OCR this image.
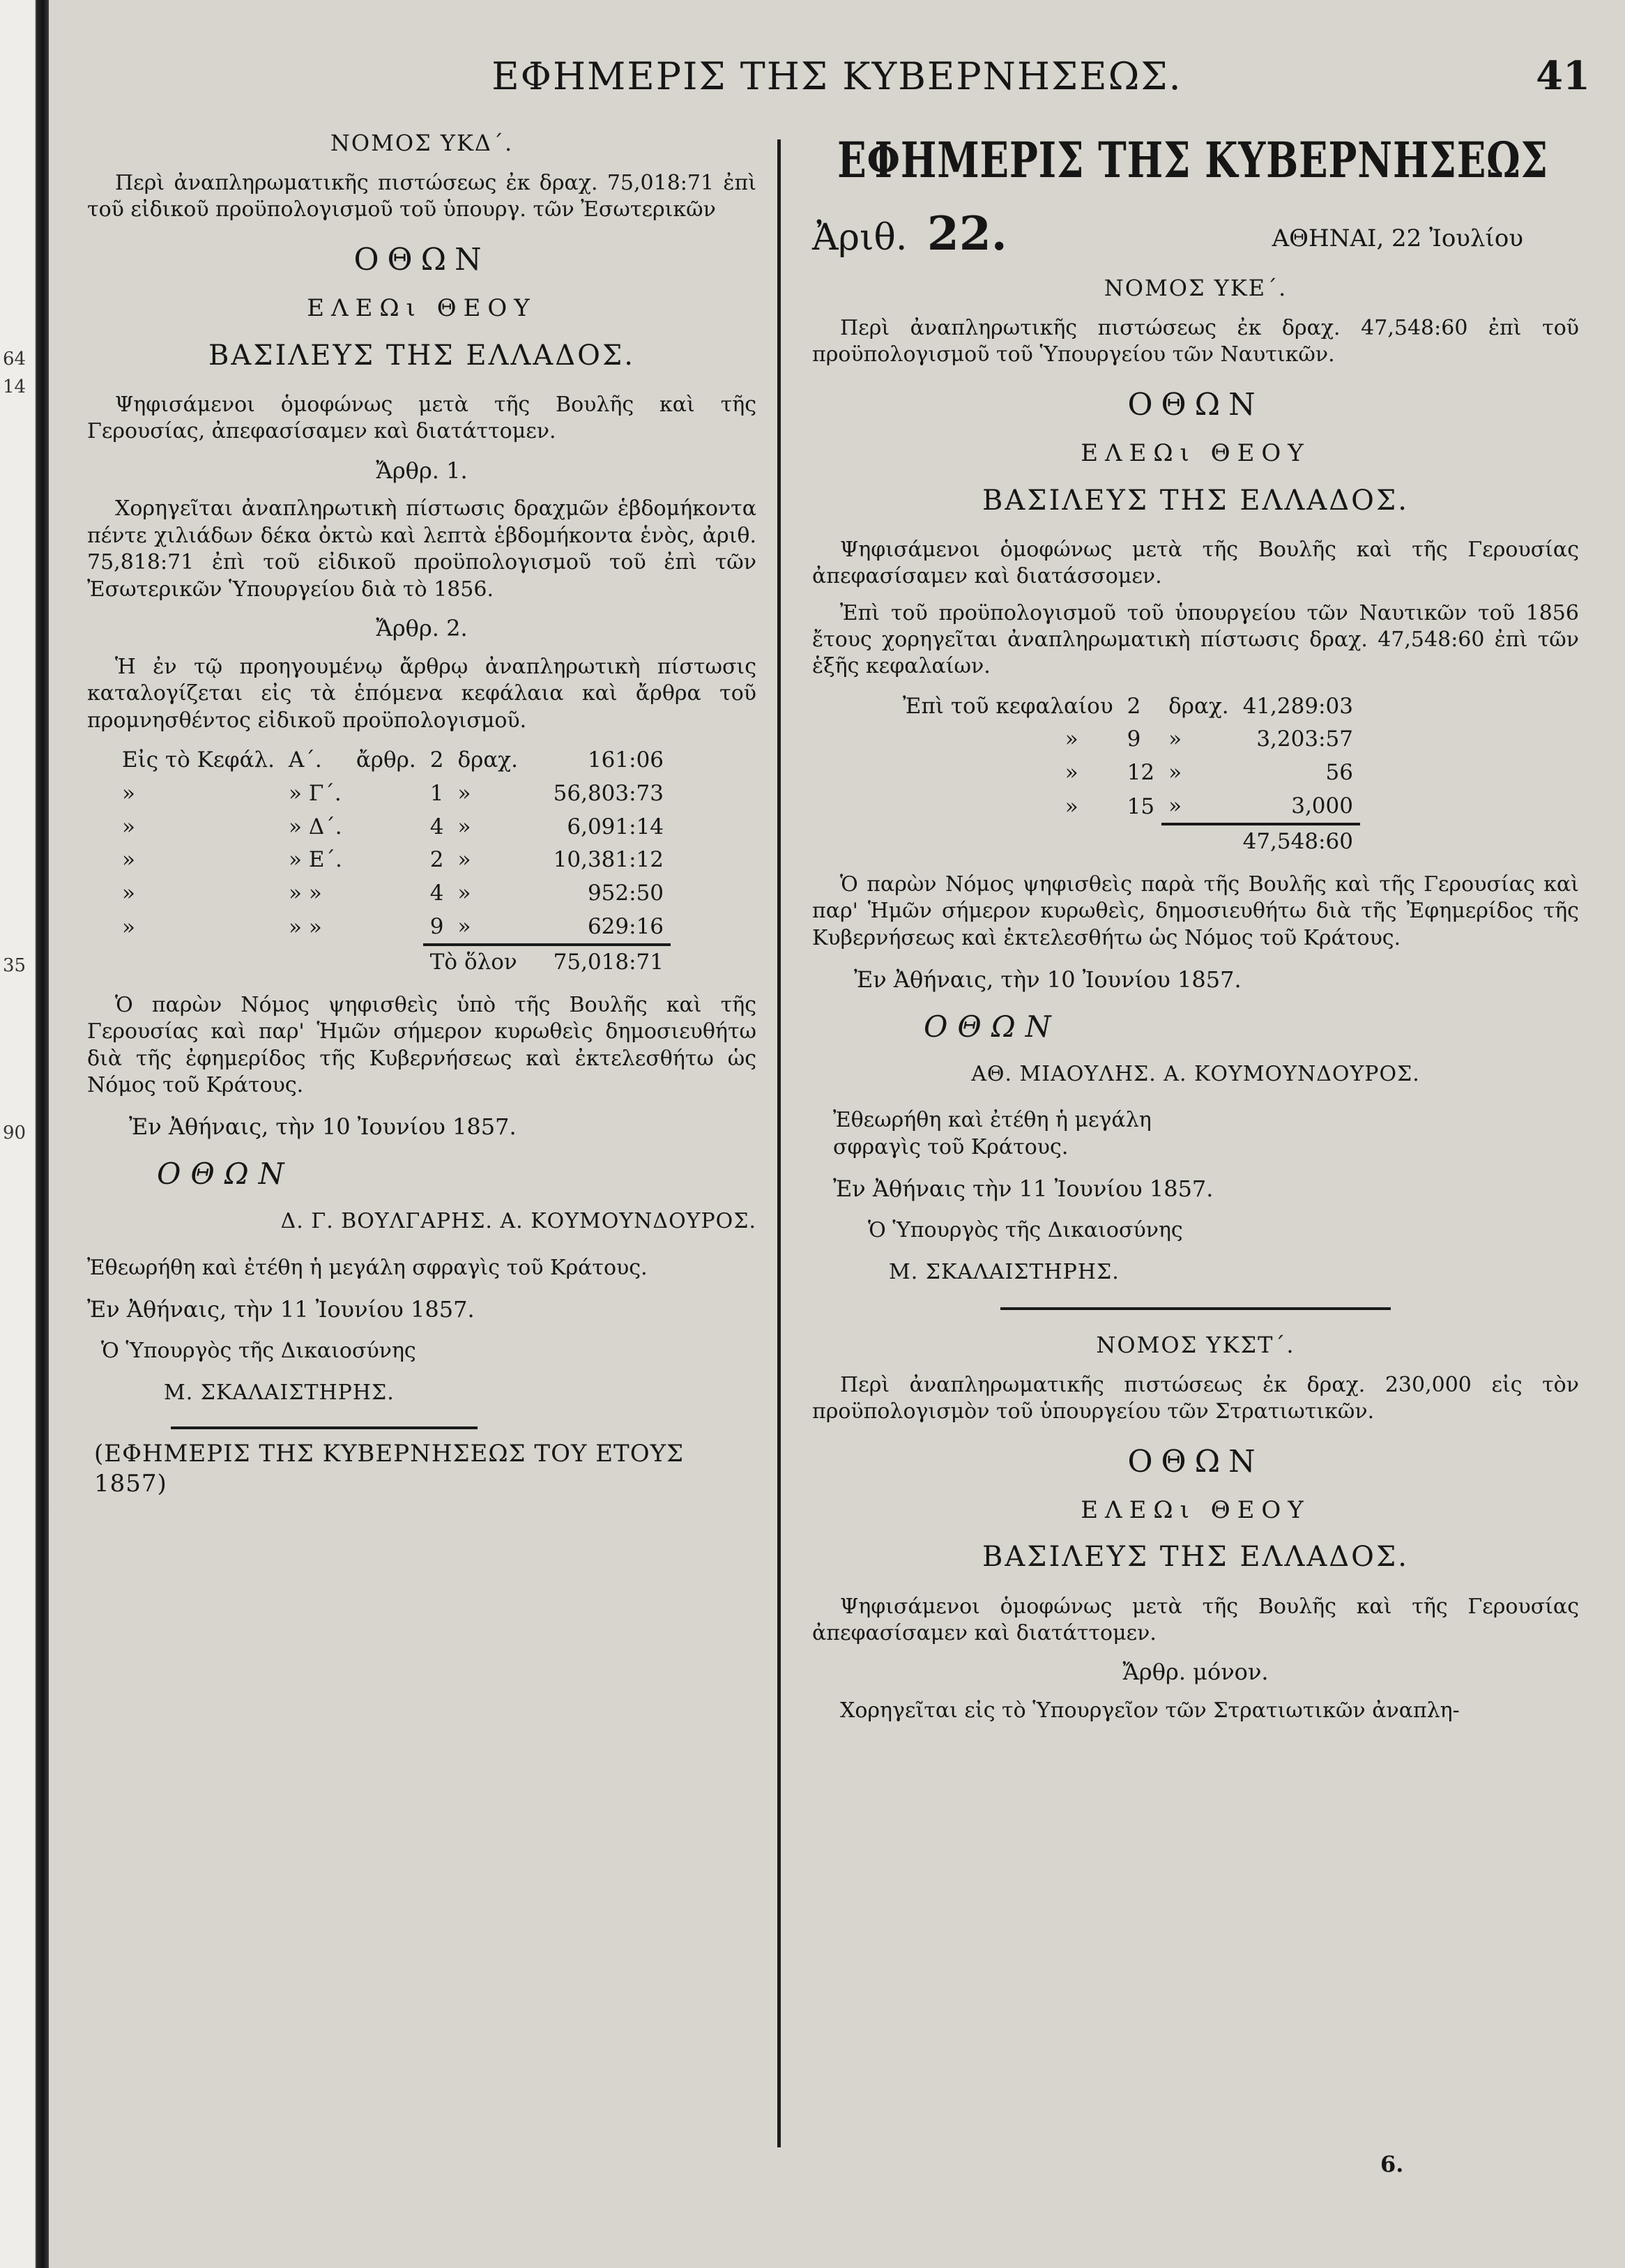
64
14
35
90
ΕΦΗΜΕΡΙΣ ΤΗΣ ΚΥΒΕΡΝΗΣΕΩΣ.	41
ΝΟΜΟΣ ΥΚΔ΄.

Περὶ ἀναπληρωματικῆς πιστώσεως ἐκ δραχ. 75,018:71 ἐπὶ τοῦ εἰδικοῦ προϋπολογισμοῦ τοῦ ὑπουργ. τῶν Ἐσωτερικῶν

ΟΘΩΝ
ΕΛΕΩι ΘΕΟΥ
ΒΑΣΙΛΕΥΣ ΤΗΣ ΕΛΛΑΔΟΣ.

Ψηφισάμενοι ὁμοφώνως μετὰ τῆς Βουλῆς καὶ τῆς Γερουσίας, ἀπεφασίσαμεν καὶ διατάττομεν.

Ἄρθρ. 1.

Χορηγεῖται ἀναπληρωτικὴ πίστωσις δραχμῶν ἑβδομήκοντα πέντε χιλιάδων δέκα ὀκτὼ καὶ λεπτὰ ἑβδομήκοντα ἑνὸς, ἀριθ. 75,818:71 ἐπὶ τοῦ εἰδικοῦ προϋπολογισμοῦ τοῦ ἐπὶ τῶν Ἐσωτερικῶν Ὑπουργείου διὰ τὸ 1856.

Ἄρθρ. 2.

Ἡ ἐν τῷ προηγουμένῳ ἄρθρῳ ἀναπληρωτικὴ πίστωσις καταλογίζεται εἰς τὰ ἑπόμενα κεφάλαια καὶ ἄρθρα τοῦ προμνησθέντος εἰδικοῦ προϋπολογισμοῦ.

Εἰς τὸ Κεφάλ.	Α΄.	ἄρθρ.	2	δραχ.	161:06
»	» Γ΄.		1	»	56,803:73
»	» Δ΄.		4	»	6,091:14
»	» Ε΄.		2	»	10,381:12
»	» »		4	»	952:50
»	» »		9	»	629:16
			Τὸ ὅλον		75,018:71

Ὁ παρὼν Νόμος ψηφισθεὶς ὑπὸ τῆς Βουλῆς καὶ τῆς Γερουσίας καὶ παρ' Ἡμῶν σήμερον κυρωθεὶς δημοσιευθήτω διὰ τῆς ἐφημερίδος τῆς Κυβερνήσεως καὶ ἐκτελεσθήτω ὡς Νόμος τοῦ Κράτους.

Ἐν Ἀθήναις, τὴν 10 Ἰουνίου 1857.
ΟΘΩΝ
Δ. Γ. ΒΟΥΛΓΑΡΗΣ. Α. ΚΟΥΜΟΥΝΔΟΥΡΟΣ.
Ἐθεωρήθη καὶ ἐτέθη ἡ μεγάλη σφραγὶς τοῦ Κράτους.
Ἐν Ἀθήναις, τὴν 11 Ἰουνίου 1857.
Ὁ Ὑπουργὸς τῆς Δικαιοσύνης
Μ. ΣΚΑΛΑΙΣΤΗΡΗΣ.
(ΕΦΗΜΕΡΙΣ ΤΗΣ ΚΥΒΕΡΝΗΣΕΩΣ ΤΟΥ ΕΤΟΥΣ 1857)
ΕΦΗΜΕΡΙΣ ΤΗΣ ΚΥΒΕΡΝΗΣΕΩΣ
Ἀριθ. 22.	ΑΘΗΝΑΙ, 22 Ἰουλίου
ΝΟΜΟΣ ΥΚΕ΄.

Περὶ ἀναπληρωτικῆς πιστώσεως ἐκ δραχ. 47,548:60 ἐπὶ τοῦ προϋπολογισμοῦ τοῦ Ὑπουργείου τῶν Ναυτικῶν.

ΟΘΩΝ
ΕΛΕΩι ΘΕΟΥ
ΒΑΣΙΛΕΥΣ ΤΗΣ ΕΛΛΑΔΟΣ.

Ψηφισάμενοι ὁμοφώνως μετὰ τῆς Βουλῆς καὶ τῆς Γερουσίας ἀπεφασίσαμεν καὶ διατάσσομεν.

Ἐπὶ τοῦ προϋπολογισμοῦ τοῦ ὑπουργείου τῶν Ναυτικῶν τοῦ 1856 ἔτους χορηγεῖται ἀναπληρωματικὴ πίστωσις δραχ. 47,548:60 ἐπὶ τῶν ἑξῆς κεφαλαίων.

Ἐπὶ τοῦ κεφαλαίου	2	δραχ.	41,289:03
»	9	»	3,203:57
»	12	»	56
»	15	»	3,000
		47,548:60	

Ὁ παρὼν Νόμος ψηφισθεὶς παρὰ τῆς Βουλῆς καὶ τῆς Γερουσίας καὶ παρ' Ἡμῶν σήμερον κυρωθεὶς, δημοσιευθήτω διὰ τῆς Ἐφημερίδος τῆς Κυβερνήσεως καὶ ἐκτελεσθήτω ὡς Νόμος τοῦ Κράτους.

Ἐν Ἀθήναις, τὴν 10 Ἰουνίου 1857.
ΟΘΩΝ
ΑΘ. ΜΙΑΟΥΛΗΣ. Α. ΚΟΥΜΟΥΝΔΟΥΡΟΣ.
Ἐθεωρήθη καὶ ἐτέθη ἡ μεγάλη σφραγὶς τοῦ Κράτους.
Ἐν Ἀθήναις τὴν 11 Ἰουνίου 1857.
Ὁ Ὑπουργὸς τῆς Δικαιοσύνης
Μ. ΣΚΑΛΑΙΣΤΗΡΗΣ.
ΝΟΜΟΣ ΥΚΣΤ΄.

Περὶ ἀναπληρωματικῆς πιστώσεως ἐκ δραχ. 230,000 εἰς τὸν προϋπολογισμὸν τοῦ ὑπουργείου τῶν Στρατιωτικῶν.

ΟΘΩΝ
ΕΛΕΩι ΘΕΟΥ
ΒΑΣΙΛΕΥΣ ΤΗΣ ΕΛΛΑΔΟΣ.

Ψηφισάμενοι ὁμοφώνως μετὰ τῆς Βουλῆς καὶ τῆς Γερουσίας ἀπεφασίσαμεν καὶ διατάττομεν.

Ἄρθρ. μόνον.

Χορηγεῖται εἰς τὸ Ὑπουργεῖον τῶν Στρατιωτικῶν ἀναπλη-

6.
